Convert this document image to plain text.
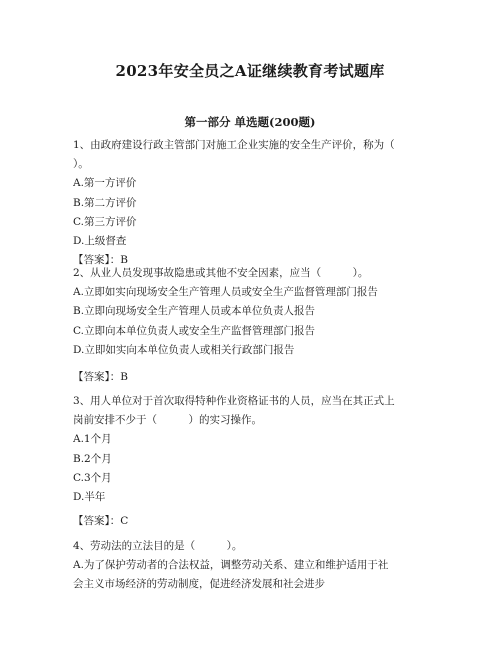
2023年安全员之A证继续教育考试题库
第一部分 单选题(200题)
1、由政府建设行政主管部门对施工企业实施的安全生产评价，称为（
）。
A.第一方评价
B.第二方评价
C.第三方评价
D.上级督查
【答案】：B
2、从业人员发现事故隐患或其他不安全因素，应当（　　　）。
A.立即如实向现场安全生产管理人员或安全生产监督管理部门报告
B.立即向现场安全生产管理人员或本单位负责人报告
C.立即向本单位负责人或安全生产监督管理部门报告
D.立即如实向本单位负责人或相关行政部门报告
【答案】：B
3、用人单位对于首次取得特种作业资格证书的人员，应当在其正式上
岗前安排不少于（　　　）的实习操作。
A.1个月
B.2个月
C.3个月
D.半年
【答案】：C
4、劳动法的立法目的是（　　　）。
A.为了保护劳动者的合法权益，调整劳动关系、建立和维护适用于社
会主义市场经济的劳动制度，促进经济发展和社会进步
